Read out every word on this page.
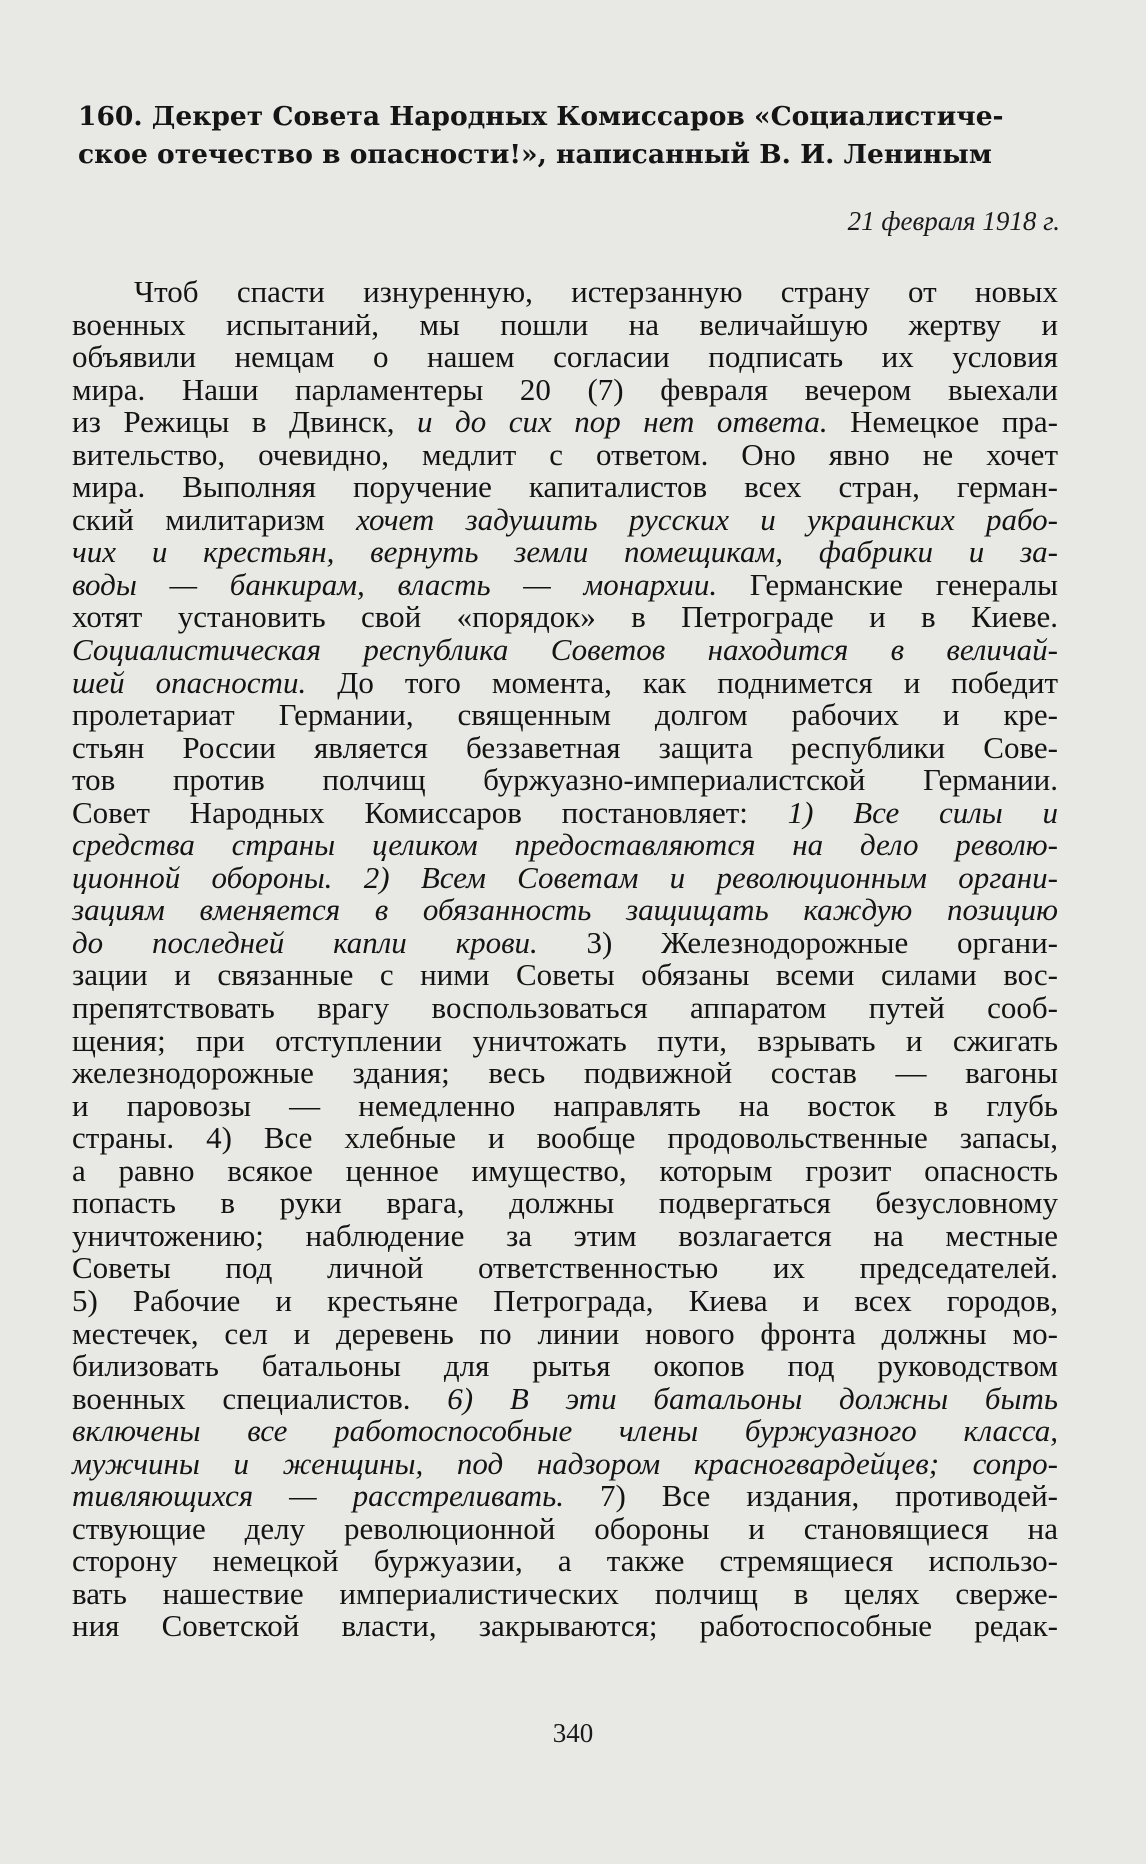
160. Декрет Совета Народных Комиссаров «Социалистиче-
ское отечество в опасности!», написанный В. И. Лениным
21 февраля 1918 г.
Чтоб спасти изнуренную, истерзанную страну от новых
военных испытаний, мы пошли на величайшую жертву и
объявили немцам о нашем согласии подписать их условия
мира. Наши парламентеры 20 (7) февраля вечером выехали
из Режицы в Двинск, и до сих пор нет ответа. Немецкое пра-
вительство, очевидно, медлит с ответом. Оно явно не хочет
мира. Выполняя поручение капиталистов всех стран, герман-
ский милитаризм хочет задушить русских и украинских рабо-
чих и крестьян, вернуть земли помещикам, фабрики и за-
воды — банкирам, власть — монархии. Германские генералы
хотят установить свой «порядок» в Петрограде и в Киеве.
Социалистическая республика Советов находится в величай-
шей опасности. До того момента, как поднимется и победит
пролетариат Германии, священным долгом рабочих и кре-
стьян России является беззаветная защита республики Сове-
тов против полчищ буржуазно-империалистской Германии.
Совет Народных Комиссаров постановляет: 1) Все силы и
средства страны целиком предоставляются на дело револю-
ционной обороны. 2) Всем Советам и революционным органи-
зациям вменяется в обязанность защищать каждую позицию
до последней капли крови. 3) Железнодорожные органи-
зации и связанные с ними Советы обязаны всеми силами вос-
препятствовать врагу воспользоваться аппаратом путей сооб-
щения; при отступлении уничтожать пути, взрывать и сжигать
железнодорожные здания; весь подвижной состав — вагоны
и паровозы — немедленно направлять на восток в глубь
страны. 4) Все хлебные и вообще продовольственные запасы,
а равно всякое ценное имущество, которым грозит опасность
попасть в руки врага, должны подвергаться безусловному
уничтожению; наблюдение за этим возлагается на местные
Советы под личной ответственностью их председателей.
5) Рабочие и крестьяне Петрограда, Киева и всех городов,
местечек, сел и деревень по линии нового фронта должны мо-
билизовать батальоны для рытья окопов под руководством
военных специалистов. 6) В эти батальоны должны быть
включены все работоспособные члены буржуазного класса,
мужчины и женщины, под надзором красногвардейцев; сопро-
тивляющихся — расстреливать. 7) Все издания, противодей-
ствующие делу революционной обороны и становящиеся на
сторону немецкой буржуазии, а также стремящиеся использо-
вать нашествие империалистических полчищ в целях сверже-
ния Советской власти, закрываются; работоспособные редак-
340
